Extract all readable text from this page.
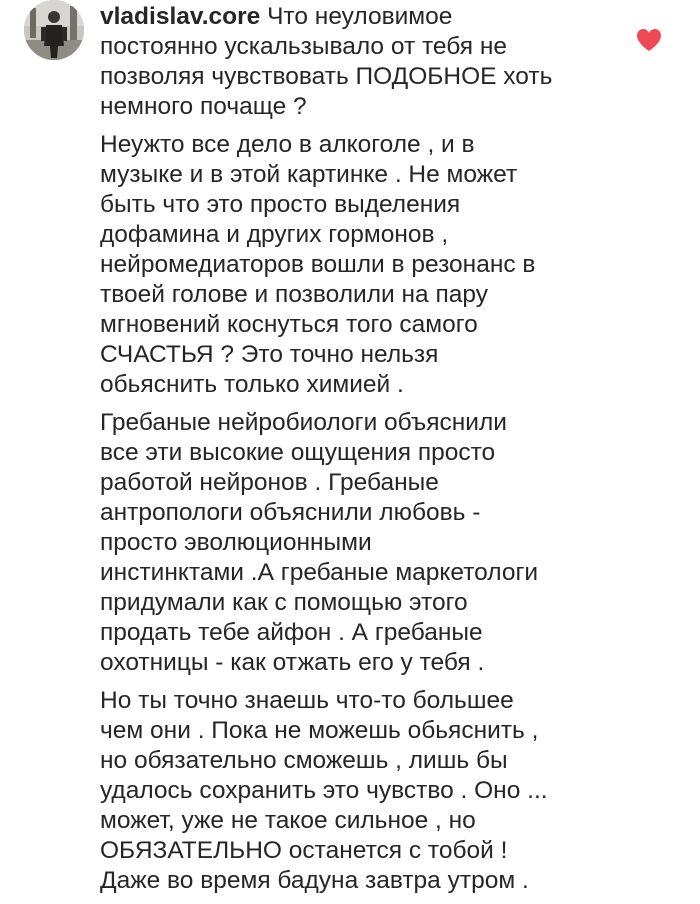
vladislav.core Что неуловимое
постоянно ускальзывало от тебя не
позволяя чувствовать ПОДОБНОЕ хоть
немного почаще ?

Неужто все дело в алкоголе , и в
музыке и в этой картинке . Не может
быть что это просто выделения
дофамина и других гормонов ,
нейромедиаторов вошли в резонанс в
твоей голове и позволили на пару
мгновений коснуться того самого
СЧАСТЬЯ ? Это точно нельзя
обьяснить только химией .

Гребаные нейробиологи объяснили
все эти высокие ощущения просто
работой нейронов . Гребаные
антропологи объяснили любовь -
просто эволюционными
инстинктами .А гребаные маркетологи
придумали как с помощью этого
продать тебе айфон . А гребаные
охотницы - как отжать его у тебя .

Но ты точно знаешь что-то большее
чем они . Пока не можешь обьяснить ,
но обязательно сможешь , лишь бы
удалось сохранить это чувство . Оно ...
может, уже не такое сильное , но
ОБЯЗАТЕЛЬНО останется с тобой !
Даже во время бадуна завтра утром .
